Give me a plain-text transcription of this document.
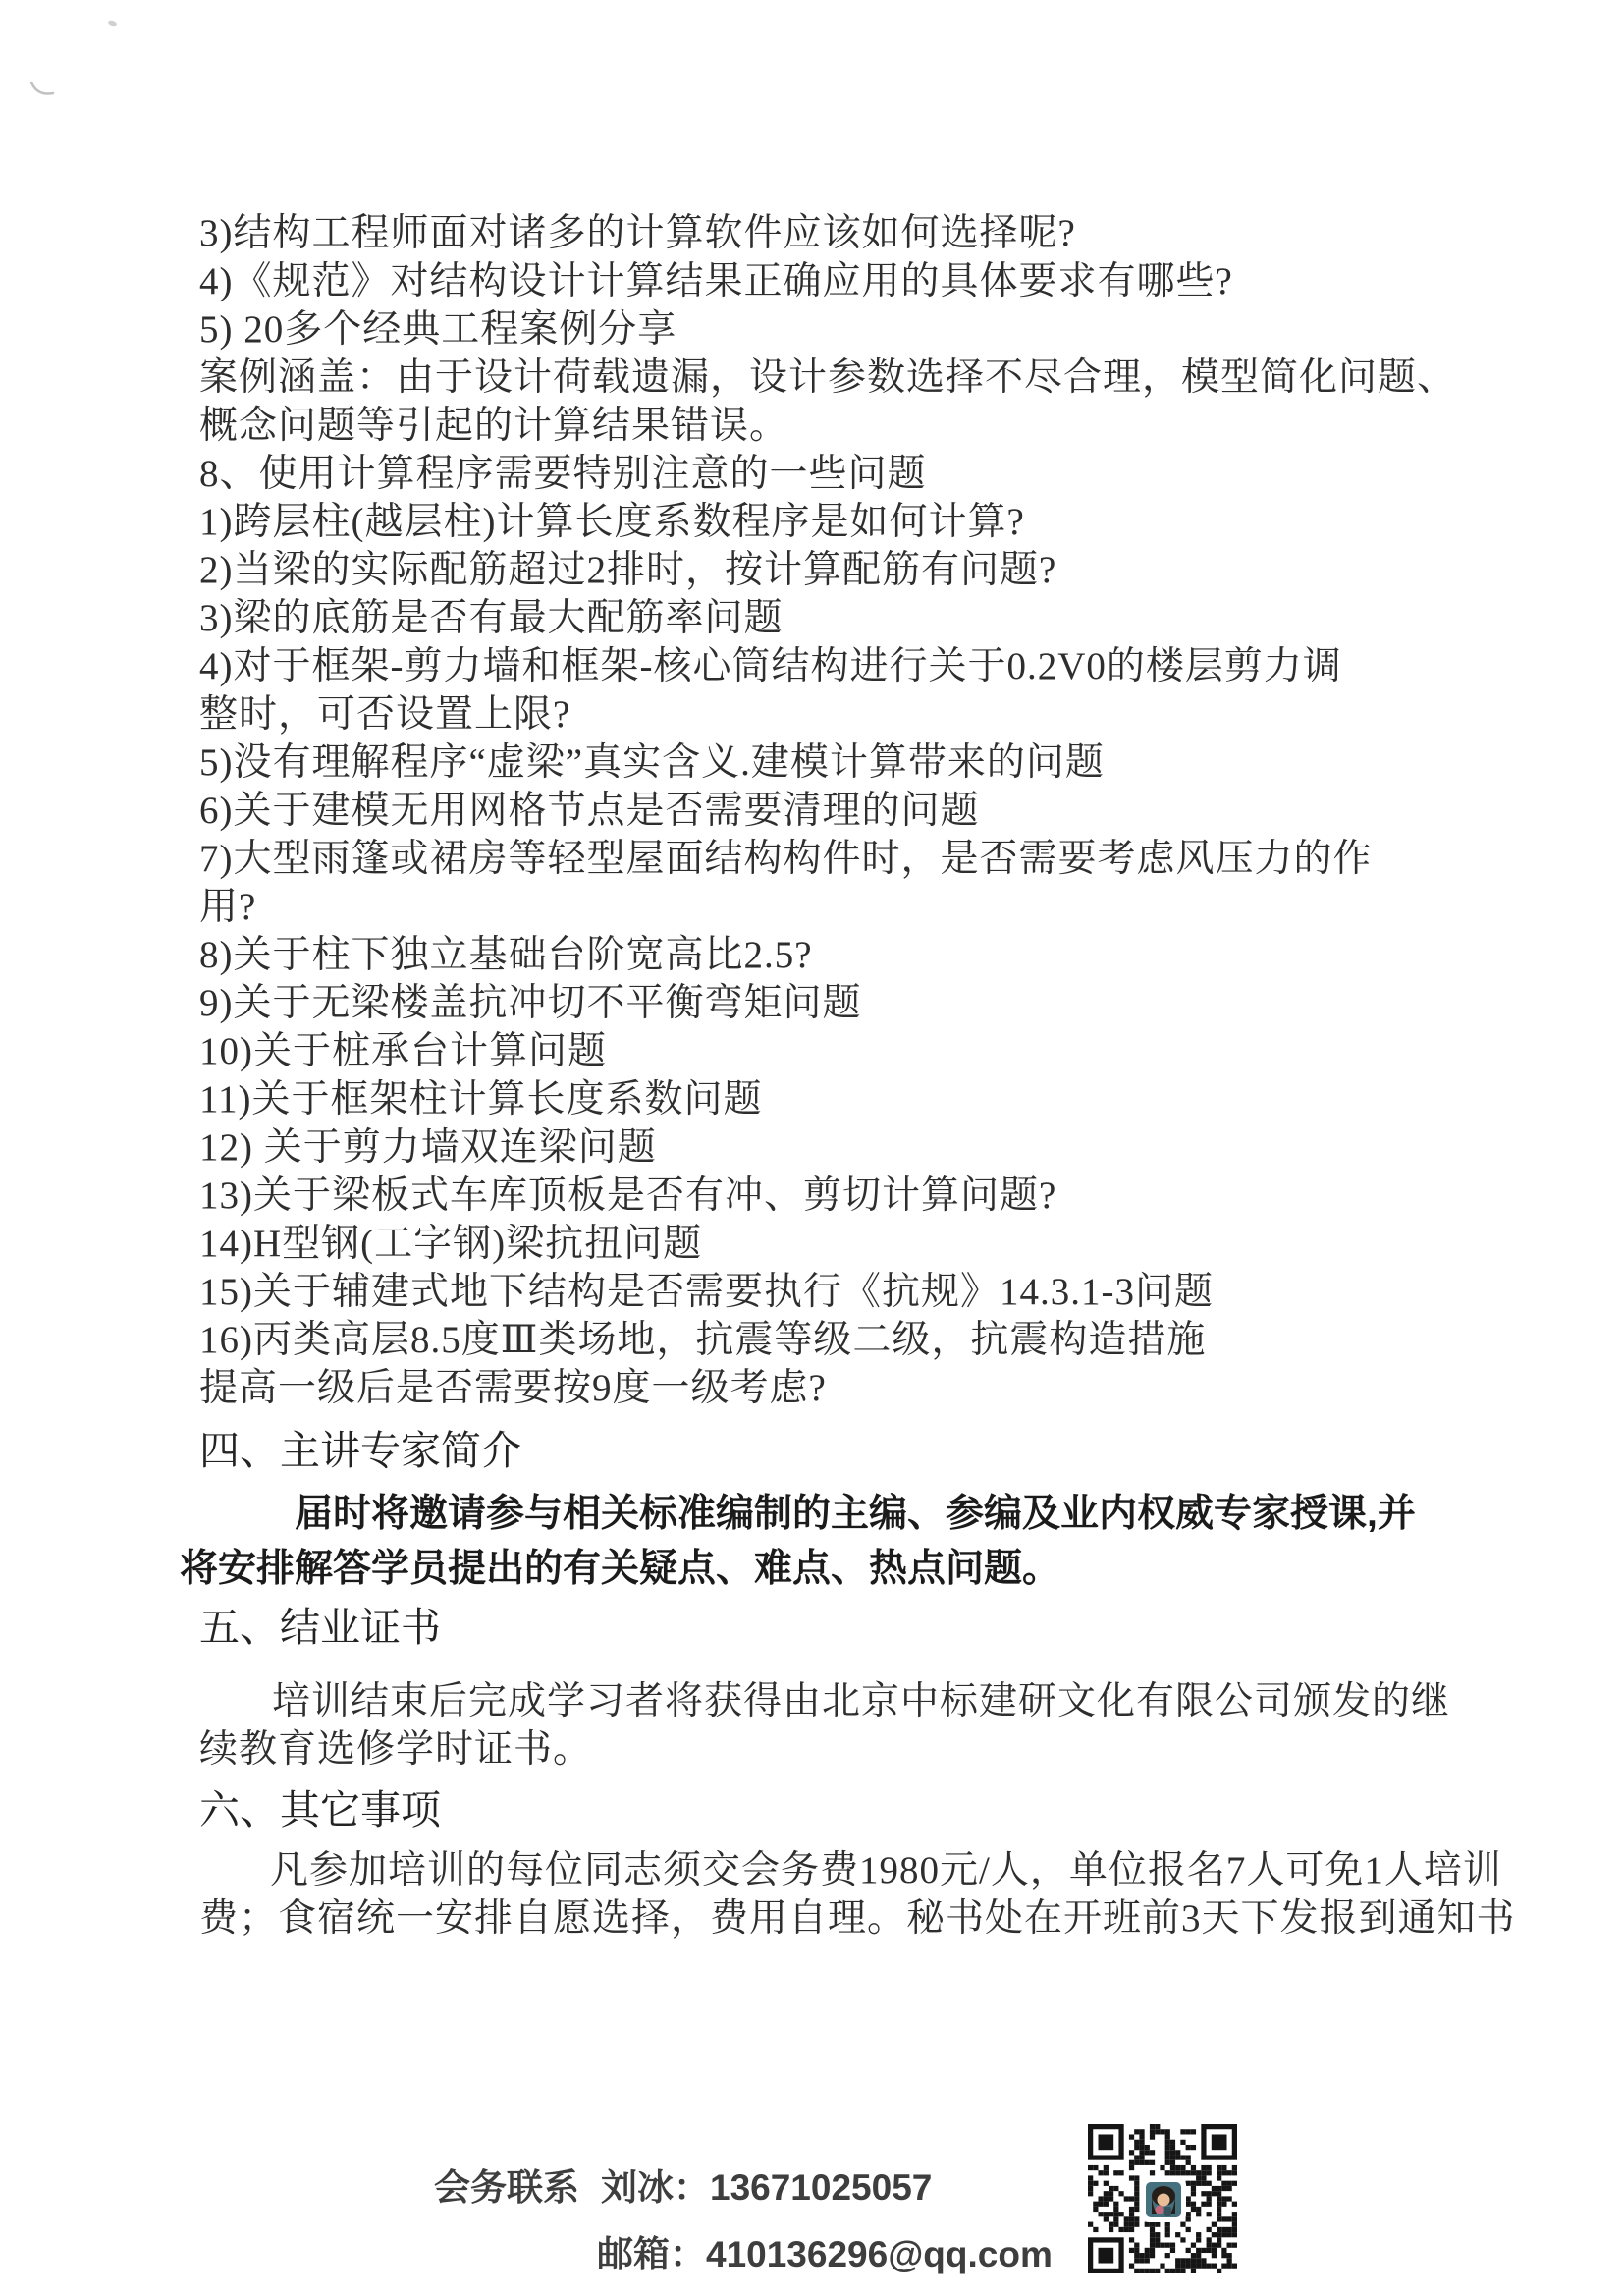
3)结构工程师面对诸多的计算软件应该如何选择呢?
4)《规范》对结构设计计算结果正确应用的具体要求有哪些?
5) 20多个经典工程案例分享
案例涵盖：由于设计荷载遗漏，设计参数选择不尽合理，模型简化问题、
概念问题等引起的计算结果错误。
8、使用计算程序需要特别注意的一些问题
1)跨层柱(越层柱)计算长度系数程序是如何计算?
2)当梁的实际配筋超过2排时，按计算配筋有问题?
3)梁的底筋是否有最大配筋率问题
4)对于框架-剪力墙和框架-核心筒结构进行关于0.2V0的楼层剪力调
整时，可否设置上限?
5)没有理解程序“虚梁”真实含义.建模计算带来的问题
6)关于建模无用网格节点是否需要清理的问题
7)大型雨篷或裙房等轻型屋面结构构件时，是否需要考虑风压力的作
用?
8)关于柱下独立基础台阶宽高比2.5?
9)关于无梁楼盖抗冲切不平衡弯矩问题
10)关于桩承台计算问题
11)关于框架柱计算长度系数问题
12) 关于剪力墙双连梁问题
13)关于梁板式车库顶板是否有冲、剪切计算问题?
14)H型钢(工字钢)梁抗扭问题
15)关于辅建式地下结构是否需要执行《抗规》14.3.1-3问题
16)丙类高层8.5度Ⅲ类场地，抗震等级二级，抗震构造措施
提高一级后是否需要按9度一级考虑?
四、主讲专家简介
届时将邀请参与相关标准编制的主编、参编及业内权威专家授课,并
将安排解答学员提出的有关疑点、难点、热点问题。
五、结业证书
培训结束后完成学习者将获得由北京中标建研文化有限公司颁发的继
续教育选修学时证书。
六、其它事项
凡参加培训的每位同志须交会务费1980元/人，单位报名7人可免1人培训
费；食宿统一安排自愿选择，费用自理。秘书处在开班前3天下发报到通知书
会务联系 刘冰：13671025057
邮箱：410136296@qq.com
